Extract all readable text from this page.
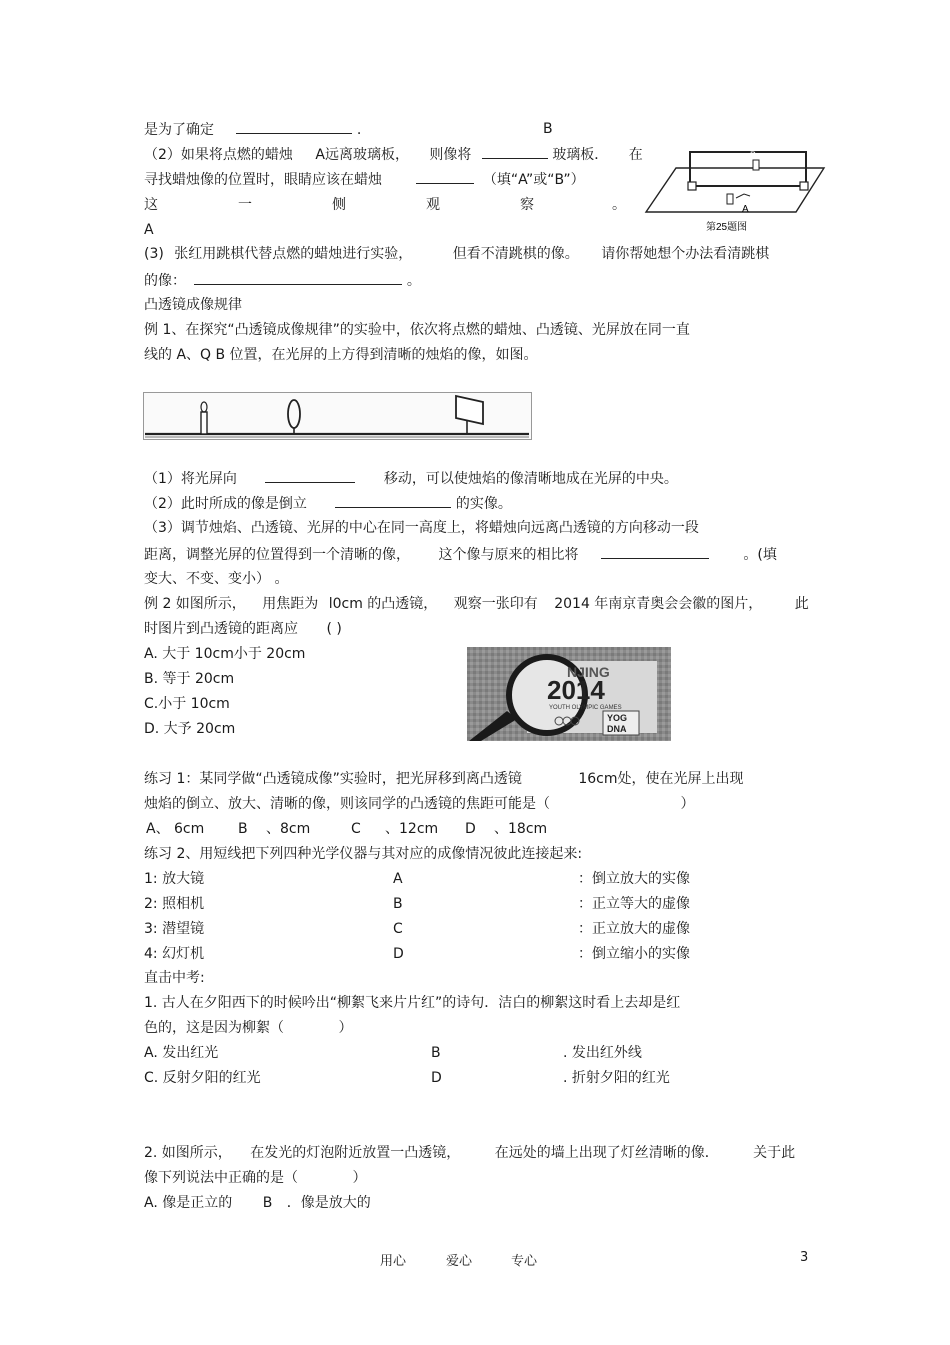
是为了确定	.	B
（2）如果将点燃的蜡烛 A远离玻璃板， 则像将	玻璃板． 在
寻找蜡烛像的位置时，眼睛应该在蜡烛	（填“A”或“B”）
这	一	侧	观	察	。
A
(3) 张红用跳棋代替点燃的蜡烛进行实验，	但看不清跳棋的像。 请你帮她想个办法看清跳棋
的像：	。
A
B
第25题图
凸透镜成像规律
例 1、在探究“凸透镜成像规律”的实验中，依次将点燃的蜡烛、凸透镜、光屏放在同一直
线的 A、Q B 位置，在光屏的上方得到清晰的烛焰的像，如图。
（1）将光屏向	移动，可以使烛焰的像清晰地成在光屏的中央。
（2）此时所成的像是倒立	的实像。
（3）调节烛焰、凸透镜、光屏的中心在同一高度上，将蜡烛向远离凸透镜的方向移动一段
距离，调整光屏的位置得到一个清晰的像， 这个像与原来的相比将	。(填
变大、不变、变小） 。
例 2 如图所示， 用焦距为 l0cm 的凸透镜， 观察一张印有 2014 年南京青奥会会徽的图片， 此
时图片到凸透镜的距离应 ( )
A. 大于 10cm小于 20cm
B. 等于 20cm
C.小于 10cm
D. 大予 20cm
NJING
2014
YOUTH OLYMPIC GAMES
YOG
DNA
练习 1：某同学做“凸透镜成像”实验时，把光屏移到离凸透镜	16cm处，使在光屏上出现
烛焰的倒立、放大、清晰的像，则该同学的凸透镜的焦距可能是（	）
A、 6cm B 、8cm	C 、12cm D 、18cm
练习 2、用短线把下列四种光学仪器与其对应的成像情况彼此连接起来:
1: 放大镜	A	：倒立放大的实像
2: 照相机	B	：正立等大的虚像
3: 潜望镜	C	：正立放大的虚像
4: 幻灯机	D	：倒立缩小的实像
直击中考:
1. 古人在夕阳西下的时候吟出“柳絮飞来片片红”的诗句．洁白的柳絮这时看上去却是红
色的，这是因为柳絮（	）
A. 发出红光	B	. 发出红外线
C. 反射夕阳的红光	D	. 折射夕阳的红光
2. 如图所示， 在发光的灯泡附近放置一凸透镜， 在远处的墙上出现了灯丝清晰的像． 关于此
像下列说法中正确的是（	）
A. 像是正立的 B ．像是放大的
用心	爱心	专心	3
